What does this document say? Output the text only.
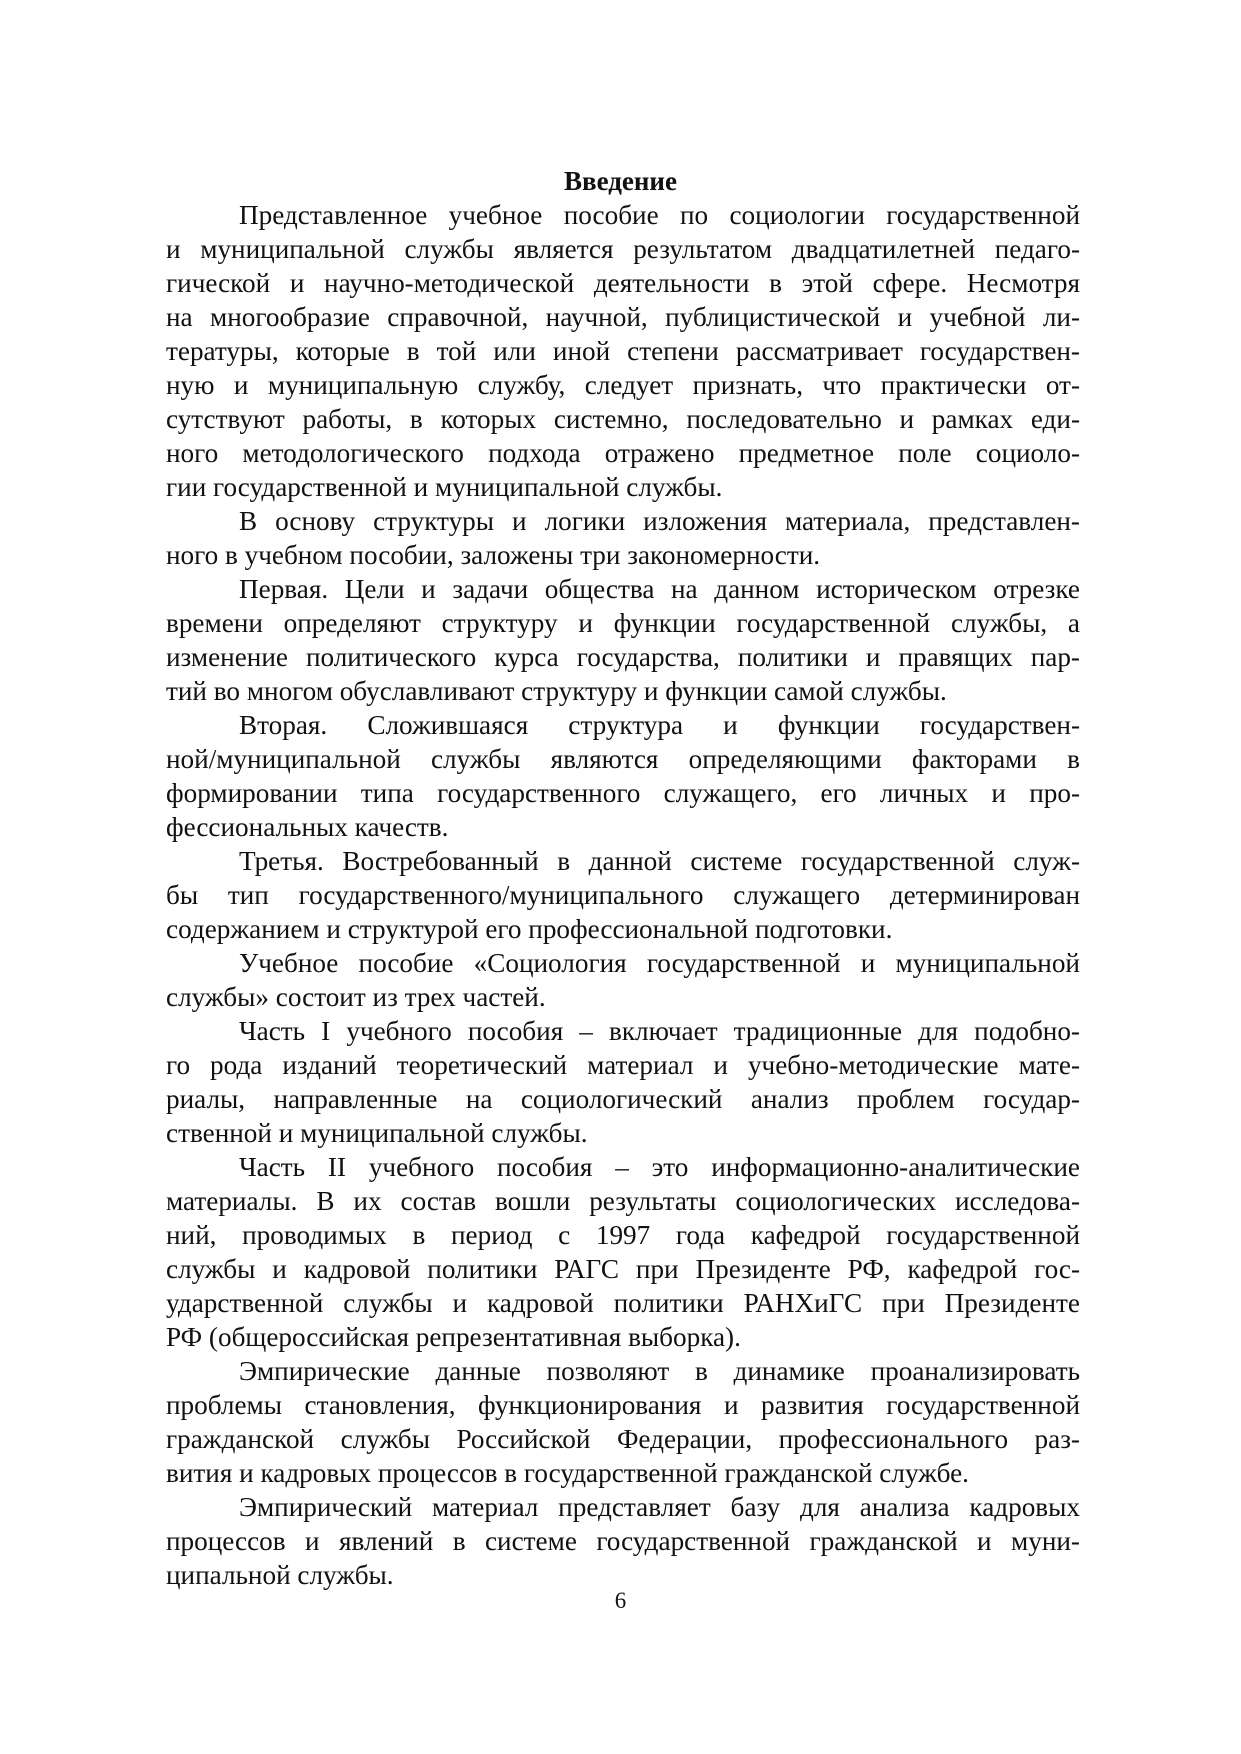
Введение

Представленное учебное пособие по социологии государственной
и муниципальной службы является результатом двадцатилетней педаго-
гической и научно-методической деятельности в этой сфере. Несмотря
на многообразие справочной, научной, публицистической и учебной ли-
тературы, которые в той или иной степени рассматривает государствен-
ную и муниципальную службу, следует признать, что практически от-
сутствуют работы, в которых системно, последовательно и рамках еди-
ного методологического подхода отражено предметное поле социоло-
гии государственной и муниципальной службы.

В основу структуры и логики изложения материала, представлен-
ного в учебном пособии, заложены три закономерности.

Первая. Цели и задачи общества на данном историческом отрезке
времени определяют структуру и функции государственной службы, а
изменение политического курса государства, политики и правящих пар-
тий во многом обуславливают структуру и функции самой службы.

Вторая. Сложившаяся структура и функции государствен-
ной/муниципальной службы являются определяющими факторами в
формировании типа государственного служащего, его личных и про-
фессиональных качеств.

Третья. Востребованный в данной системе государственной служ-
бы тип государственного/муниципального служащего детерминирован
содержанием и структурой его профессиональной подготовки.

Учебное пособие «Социология государственной и муниципальной
службы» состоит из трех частей.

Часть I учебного пособия – включает традиционные для подобно-
го рода изданий теоретический материал и учебно-методические мате-
риалы, направленные на социологический анализ проблем государ-
ственной и муниципальной службы.

Часть II учебного пособия – это информационно-аналитические
материалы. В их состав вошли результаты социологических исследова-
ний, проводимых в период с 1997 года кафедрой государственной
службы и кадровой политики РАГС при Президенте РФ, кафедрой гос-
ударственной службы и кадровой политики РАНХиГС при Президенте
РФ (общероссийская репрезентативная выборка).

Эмпирические данные позволяют в динамике проанализировать
проблемы становления, функционирования и развития государственной
гражданской службы Российской Федерации, профессионального раз-
вития и кадровых процессов в государственной гражданской службе.

Эмпирический материал представляет базу для анализа кадровых
процессов и явлений в системе государственной гражданской и муни-
ципальной службы.

6
